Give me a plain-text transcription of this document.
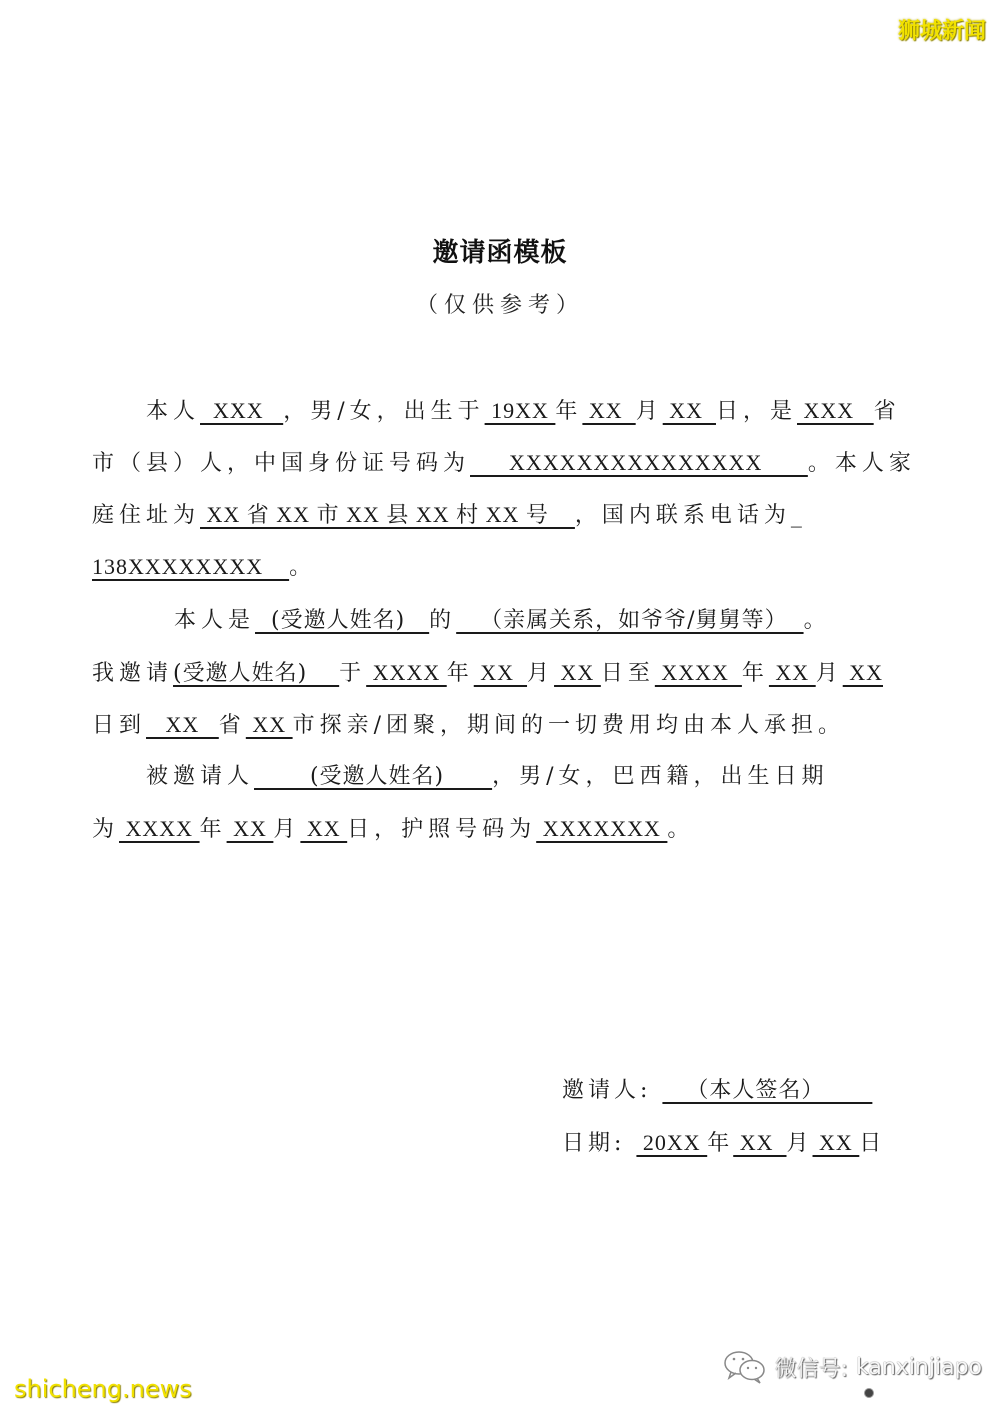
狮城新闻
邀请函模板
（仅供参考）
本人  XXX   ，男/女，出生于 19XX 年 XX  月 XX  日，是 XXX   省
市（县）人，中国身份证号码为      XXXXXXXXXXXXXXX       。本人家
庭住址为 XX 省 XX 市 XX 县 XX 村 XX 号    ，国内联系电话为_
138XXXXXXXX    。
本人是  (受邀人姓名)   的   （亲属关系，如爷爷/舅舅等）  。
我邀请(受邀人姓名)    于 XXXX 年 XX  月 XX 日至 XXXX  年 XX 月 XX
日到   XX   省 XX 市探亲/团聚，期间的一切费用均由本人承担。
被邀请人       (受邀人姓名)      ，男/女，巴西籍，出生日期
为 XXXX 年 XX 月 XX 日，护照号码为 XXXXXXX 。
邀请人:    （本人签名）
日期:  20XX 年 XX  月 XX 日
微信号: kanxinjiapo
shicheng.news
